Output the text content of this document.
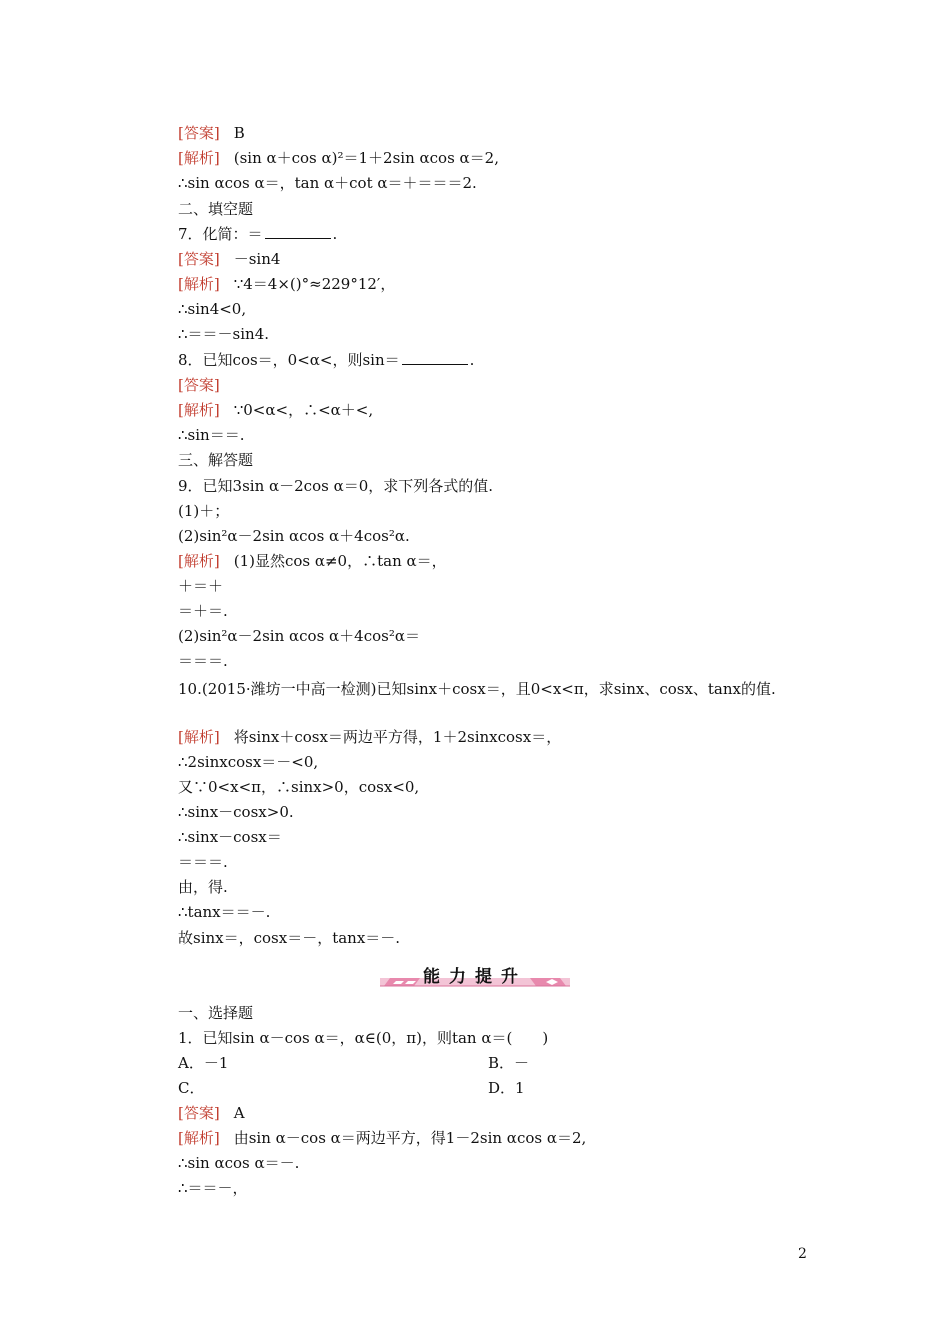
[答案] B
[解析] (sin α＋cos α)²＝1＋2sin αcos α＝2,
∴sin αcos α＝，tan α＋cot α＝＋＝＝＝2.
二、填空题
7．化简：＝	.
[答案] －sin4
[解析] ∵4＝4×()°≈229°12′，
∴sin4<0,
∴＝＝－sin4.
8．已知cos＝，0<α<，则sin＝	.
[答案]
[解析] ∵0<α<，∴<α＋<,
∴sin＝＝.
三、解答题
9．已知3sin α－2cos α＝0，求下列各式的值.
(1)＋；
(2)sin²α－2sin αcos α＋4cos²α.
[解析] (1)显然cos α≠0，∴tan α＝，
＋＝＋
＝＋＝.
(2)sin²α－2sin αcos α＋4cos²α＝
＝＝＝.
10.(2015·潍坊一中高一检测)已知sinx＋cosx＝，且0<x<π，求sinx、cosx、tanx的值.
[解析] 将sinx＋cosx＝两边平方得，1＋2sinxcosx＝，
∴2sinxcosx＝－<0,
又∵0<x<π，∴sinx>0，cosx<0,
∴sinx－cosx>0.
∴sinx－cosx＝
＝＝＝.
由，得.
∴tanx＝＝－.
故sinx＝，cosx＝－，tanx＝－.
能力提升
一、选择题
1．已知sin α－cos α＝，α∈(0，π)，则tan α＝(　　)
A．－1	B．－
C．	D．1
[答案] A
[解析] 由sin α－cos α＝两边平方，得1－2sin αcos α＝2,
∴sin αcos α＝－.
∴＝＝－，
2
